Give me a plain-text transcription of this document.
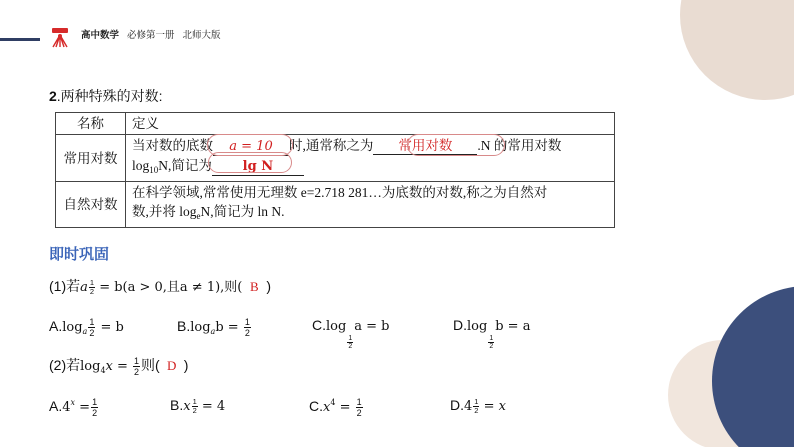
高中数学 必修第一册 北师大版
2.两种特殊的对数:
名称	定义
常用对数	当对数的底数 a = 10 时,通常称之为 常用对数 .N 的常用对数
$\log_{10}N$,简记为 lg N
自然对数	在科学领域,常常使用无理数 e=2.718 281…为底数的对数,称之为自然对
数,并将 $\log_eN$,简记为 ln N.
即时巩固
(1)若a $\frac{1}{2} = b(a > 0$,且a ≠ 1),则( B )
$A.\log_a \frac{1}{2} = b$	$B.\log_ab = \frac{1}{2}$	C.log
$\frac{1}{2}$
a = b	D.log
$\frac{1}{2}$
b = a
(2)若$\log_4x = \frac{1}{2}$ 则( D )
$A.4^x = \frac{1}{2}$	$B.x \frac{1}{2} = 4$	$C.x^4 = \frac{1}{2}$	$D.4 \frac{1}{2} = x$
